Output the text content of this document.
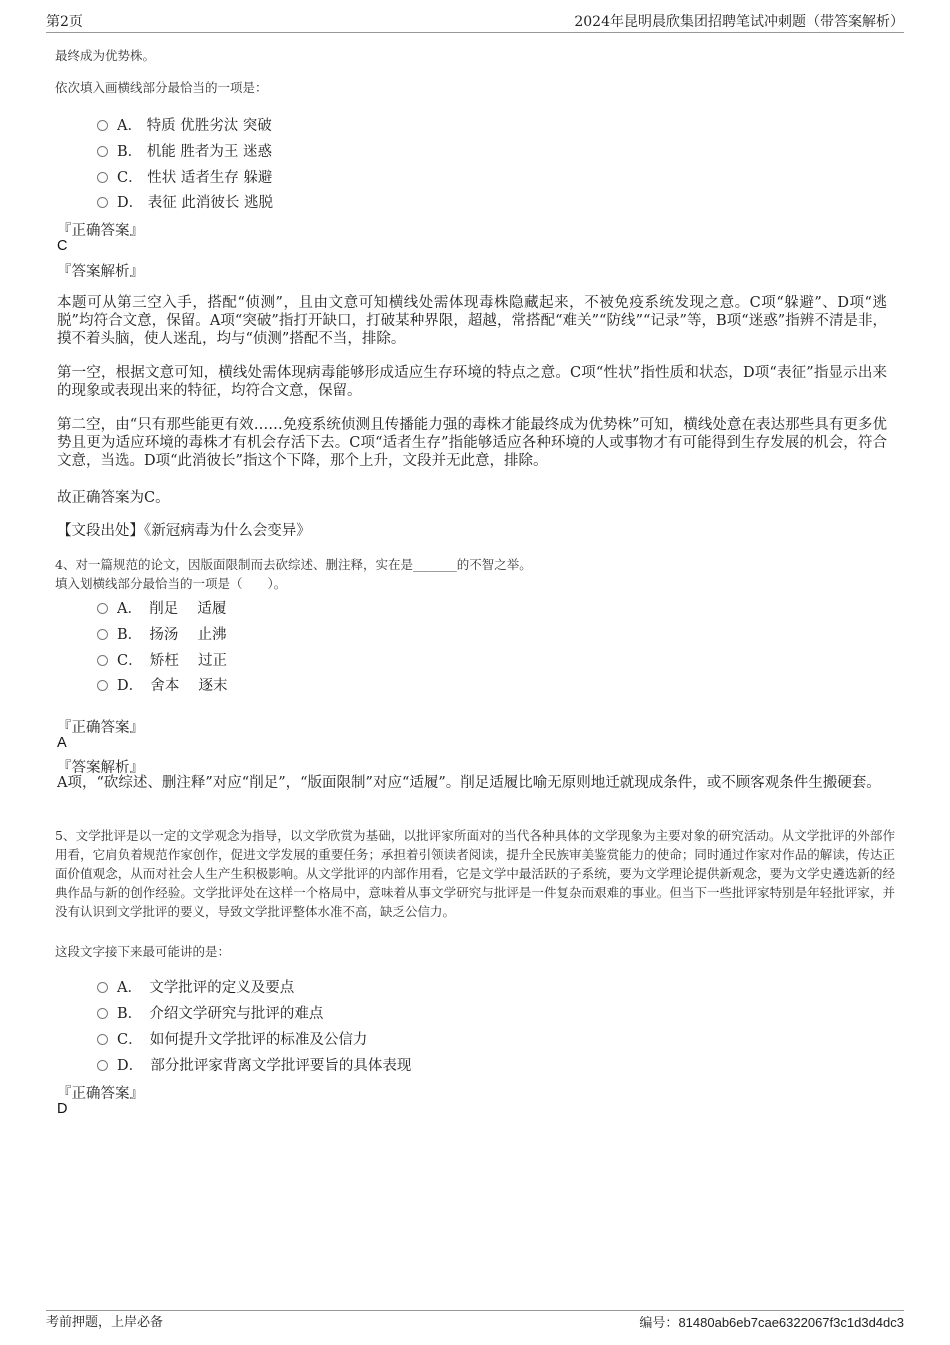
第2页	2024年昆明晨欣集团招聘笔试冲刺题（带答案解析）
最终成为优势株。
依次填入画横线部分最恰当的一项是：
A． 特质 优胜劣汰 突破
B． 机能 胜者为王 迷惑
C． 性状 适者生存 躲避
D． 表征 此消彼长 逃脱
『正确答案』
C
『答案解析』
本题可从第三空入手，搭配“侦测”，且由文意可知横线处需体现毒株隐藏起来，不被免疫系统发现之意。C项“躲避”、D项“逃脱”均符合文意，保留。A项“突破”指打开缺口，打破某种界限，超越，常搭配“难关”“防线”“记录”等，B项“迷惑”指辨不清是非，摸不着头脑，使人迷乱，均与“侦测”搭配不当，排除。
第一空，根据文意可知，横线处需体现病毒能够形成适应生存环境的特点之意。C项“性状”指性质和状态，D项“表征”指显示出来的现象或表现出来的特征，均符合文意，保留。
第二空，由“只有那些能更有效……免疫系统侦测且传播能力强的毒株才能最终成为优势株”可知，横线处意在表达那些具有更多优势且更为适应环境的毒株才有机会存活下去。C项“适者生存”指能够适应各种环境的人或事物才有可能得到生存发展的机会，符合文意，当选。D项“此消彼长”指这个下降，那个上升，文段并无此意，排除。
故正确答案为C。
【文段出处】《新冠病毒为什么会变异》
4、对一篇规范的论文，因版面限制而去砍综述、删注释，实在是_______的不智之举。
填入划横线部分最恰当的一项是（　　）。
A．　削足　 适履
B．　扬汤　 止沸
C．　矫枉　 过正
D．　舍本　 逐末
『正确答案』
A
『答案解析』
A项，“砍综述、删注释”对应“削足”，“版面限制”对应“适履”。削足适履比喻无原则地迁就现成条件，或不顾客观条件生搬硬套。
5、文学批评是以一定的文学观念为指导，以文学欣赏为基础，以批评家所面对的当代各种具体的文学现象为主要对象的研究活动。从文学批评的外部作用看，它肩负着规范作家创作，促进文学发展的重要任务；承担着引领读者阅读，提升全民族审美鉴赏能力的使命；同时通过作家对作品的解读，传达正面价值观念，从而对社会人生产生积极影响。从文学批评的内部作用看，它是文学中最活跃的子系统，要为文学理论提供新观念，要为文学史遴选新的经典作品与新的创作经验。文学批评处在这样一个格局中，意味着从事文学研究与批评是一件复杂而艰难的事业。但当下一些批评家特别是年轻批评家，并没有认识到文学批评的要义，导致文学批评整体水准不高，缺乏公信力。
这段文字接下来最可能讲的是：
A．　文学批评的定义及要点
B．　介绍文学研究与批评的难点
C．　如何提升文学批评的标准及公信力
D．　部分批评家背离文学批评要旨的具体表现
『正确答案』
D
考前押题，上岸必备	编号：81480ab6eb7cae6322067f3c1d3d4dc3
